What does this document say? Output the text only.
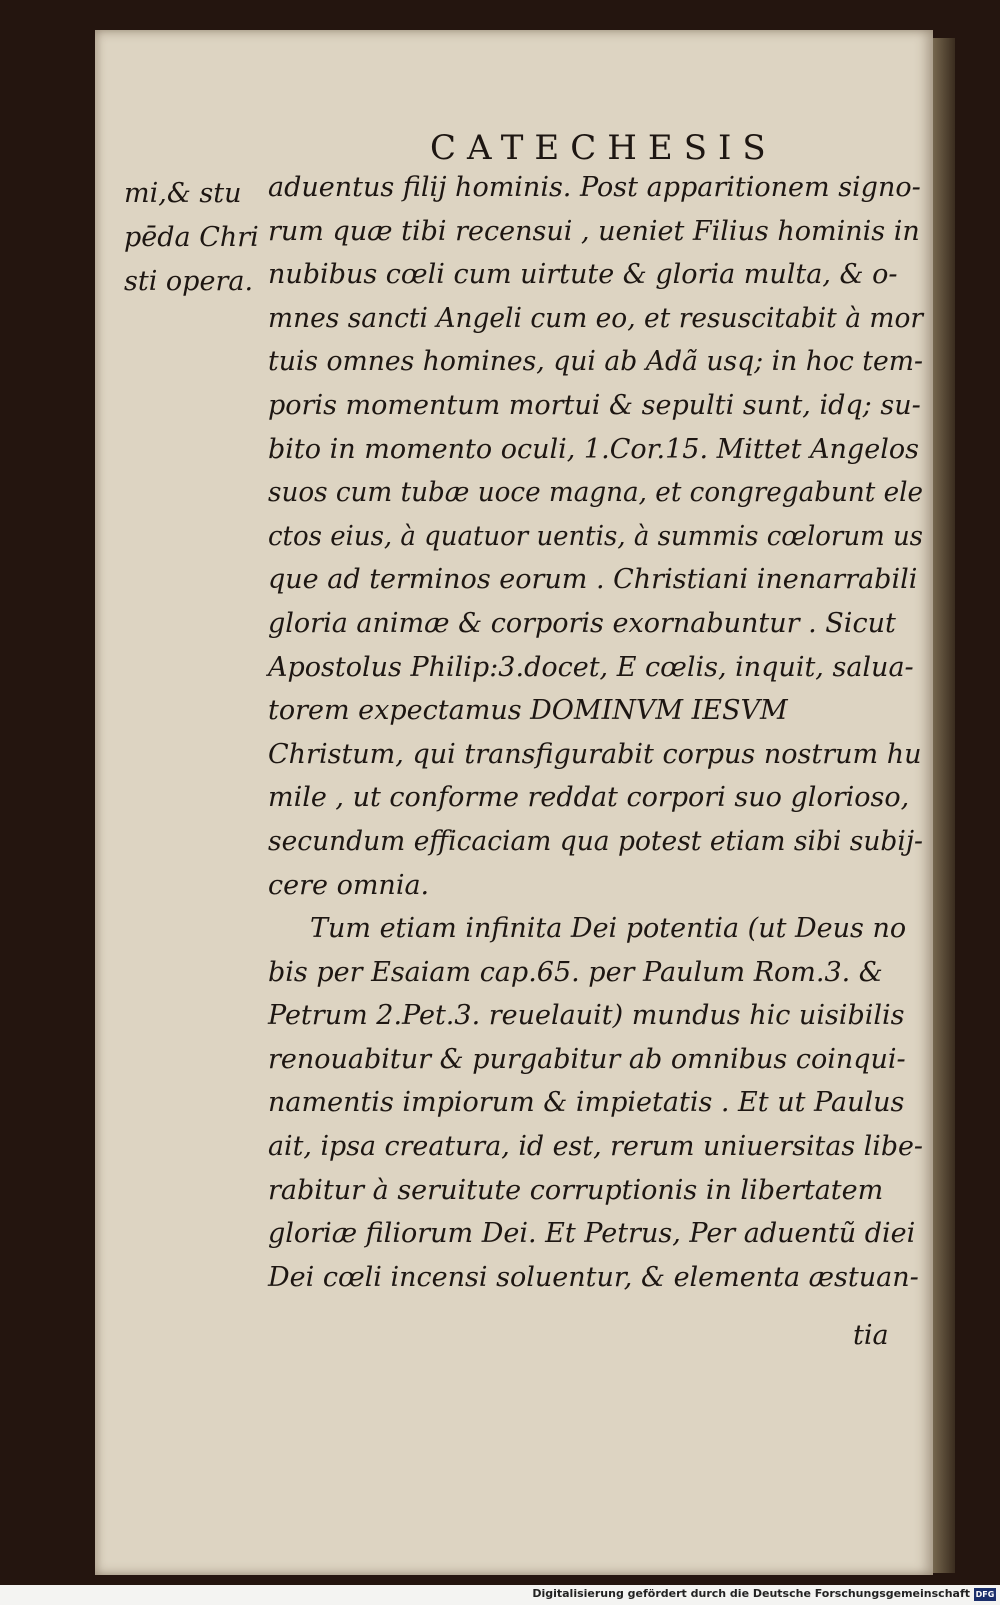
CATECHESIS
mi,& stu
pēda Chri
sti opera.
aduentus filij hominis. Post apparitionem signo-
rum quæ tibi recensui , ueniet Filius hominis in
nubibus cœli cum uirtute & gloria multa, & o-
mnes sancti Angeli cum eo, et resuscitabit à mor
tuis omnes homines, qui ab Adã usq; in hoc tem-
poris momentum mortui & sepulti sunt, idq; su-
bito in momento oculi, 1.Cor.15. Mittet Angelos
suos cum tubæ uoce magna, et congregabunt ele
ctos eius, à quatuor uentis, à summis cœlorum us
que ad terminos eorum . Christiani inenarrabili
gloria animæ & corporis exornabuntur . Sicut
Apostolus Philip:3.docet, E cœlis, inquit, salua-
torem expectamus DOMINVM IESVM
Christum, qui transfigurabit corpus nostrum hu
mile , ut conforme reddat corpori suo glorioso,
secundum efficaciam qua potest etiam sibi subij-
cere omnia.
Tum etiam infinita Dei potentia (ut Deus no
bis per Esaiam cap.65. per Paulum Rom.3. &
Petrum 2.Pet.3. reuelauit) mundus hic uisibilis
renouabitur & purgabitur ab omnibus coinqui-
namentis impiorum & impietatis . Et ut Paulus
ait, ipsa creatura, id est, rerum uniuersitas libe-
rabitur à seruitute corruptionis in libertatem
gloriæ filiorum Dei. Et Petrus, Per aduentũ diei
Dei cœli incensi soluentur, & elementa æstuan-
tia
Digitalisierung gefördert durch die Deutsche Forschungsgemeinschaft DFG
